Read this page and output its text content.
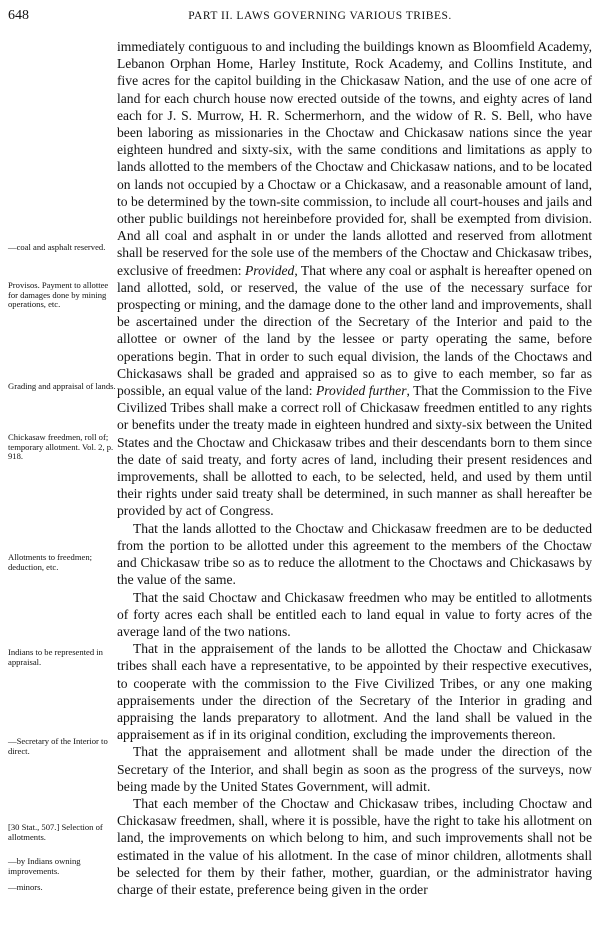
648	PART II. LAWS GOVERNING VARIOUS TRIBES.
—coal and asphalt reserved.
Provisos. Payment to allottee for damages done by mining operations, etc.
Grading and appraisal of lands.
Chickasaw freedmen, roll of; temporary allotment. Vol. 2, p. 918.
Allotments to freedmen; deduction, etc.
Indians to be represented in appraisal.
—Secretary of the Interior to direct.
[30 Stat., 507.] Selection of allotments.
—by Indians owning improvements.
—minors.

immediately contiguous to and including the buildings known as Bloomfield Academy, Lebanon Orphan Home, Harley Institute, Rock Academy, and Collins Institute, and five acres for the capitol building in the Chickasaw Nation, and the use of one acre of land for each church house now erected outside of the towns, and eighty acres of land each for J. S. Murrow, H. R. Schermerhorn, and the widow of R. S. Bell, who have been laboring as missionaries in the Choctaw and Chickasaw nations since the year eighteen hundred and sixty-six, with the same conditions and limitations as apply to lands allotted to the members of the Choctaw and Chickasaw nations, and to be located on lands not occupied by a Choctaw or a Chickasaw, and a reasonable amount of land, to be determined by the town-site commission, to include all court-houses and jails and other public buildings not hereinbefore provided for, shall be exempted from division. And all coal and asphalt in or under the lands allotted and reserved from allotment shall be reserved for the sole use of the members of the Choctaw and Chickasaw tribes, exclusive of freedmen: Provided, That where any coal or asphalt is hereafter opened on land allotted, sold, or reserved, the value of the use of the necessary surface for prospecting or mining, and the damage done to the other land and improvements, shall be ascertained under the direction of the Secretary of the Interior and paid to the allottee or owner of the land by the lessee or party operating the same, before operations begin. That in order to such equal division, the lands of the Choctaws and Chickasaws shall be graded and appraised so as to give to each member, so far as possible, an equal value of the land: Provided further, That the Commission to the Five Civilized Tribes shall make a correct roll of Chickasaw freedmen entitled to any rights or benefits under the treaty made in eighteen hundred and sixty-six between the United States and the Choctaw and Chickasaw tribes and their descendants born to them since the date of said treaty, and forty acres of land, including their present residences and improvements, shall be allotted to each, to be selected, held, and used by them until their rights under said treaty shall be determined, in such manner as shall hereafter be provided by act of Congress.

That the lands allotted to the Choctaw and Chickasaw freedmen are to be deducted from the portion to be allotted under this agreement to the members of the Choctaw and Chickasaw tribe so as to reduce the allotment to the Choctaws and Chickasaws by the value of the same.

That the said Choctaw and Chickasaw freedmen who may be entitled to allotments of forty acres each shall be entitled each to land equal in value to forty acres of the average land of the two nations.

That in the appraisement of the lands to be allotted the Choctaw and Chickasaw tribes shall each have a representative, to be appointed by their respective executives, to cooperate with the commission to the Five Civilized Tribes, or any one making appraisements under the direction of the Secretary of the Interior in grading and appraising the lands preparatory to allotment. And the land shall be valued in the appraisement as if in its original condition, excluding the improvements thereon.

That the appraisement and allotment shall be made under the direction of the Secretary of the Interior, and shall begin as soon as the progress of the surveys, now being made by the United States Government, will admit.

That each member of the Choctaw and Chickasaw tribes, including Choctaw and Chickasaw freedmen, shall, where it is possible, have the right to take his allotment on land, the improvements on which belong to him, and such improvements shall not be estimated in the value of his allotment. In the case of minor children, allotments shall be selected for them by their father, mother, guardian, or the administrator having charge of their estate, preference being given in the order
